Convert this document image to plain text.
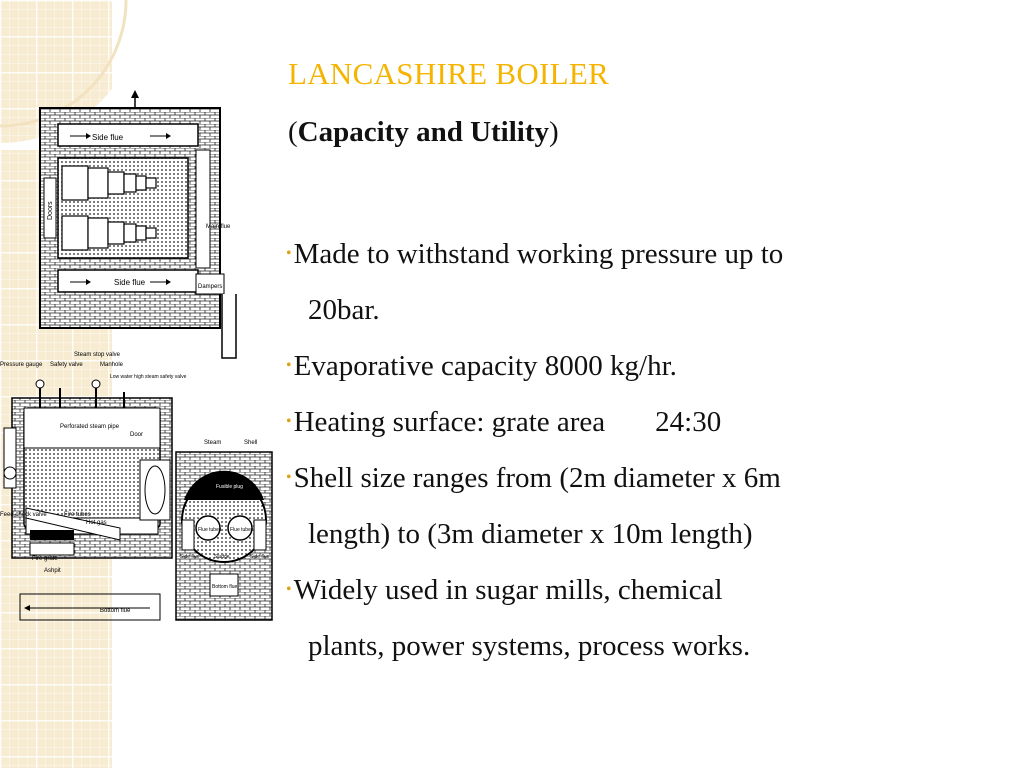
Side flue
Doors
Main flue
Side flue	Dampers
Pressure gauge Safety valve
Steam stop valve
Manhole
Low water high steam safety valve
Perforated steam pipe
Door
Feed check valve
Fire grate
Ashpit
Fire tubes
Hot gas
Bottom flue
Steam	Shell
Fusible plug
Flue tubes Flue tubes
Side flue	Side flue
Sludge
Bottom flue
LANCASHIRE BOILER

(Capacity and Utility)

•Made to withstand working pressure up to
20bar.
•Evaporative capacity 8000 kg/hr.
•Heating surface: grate area 24:30
•Shell size ranges from (2m diameter x 6m
length) to (3m diameter x 10m length)
•Widely used in sugar mills, chemical
plants, power systems, process works.
